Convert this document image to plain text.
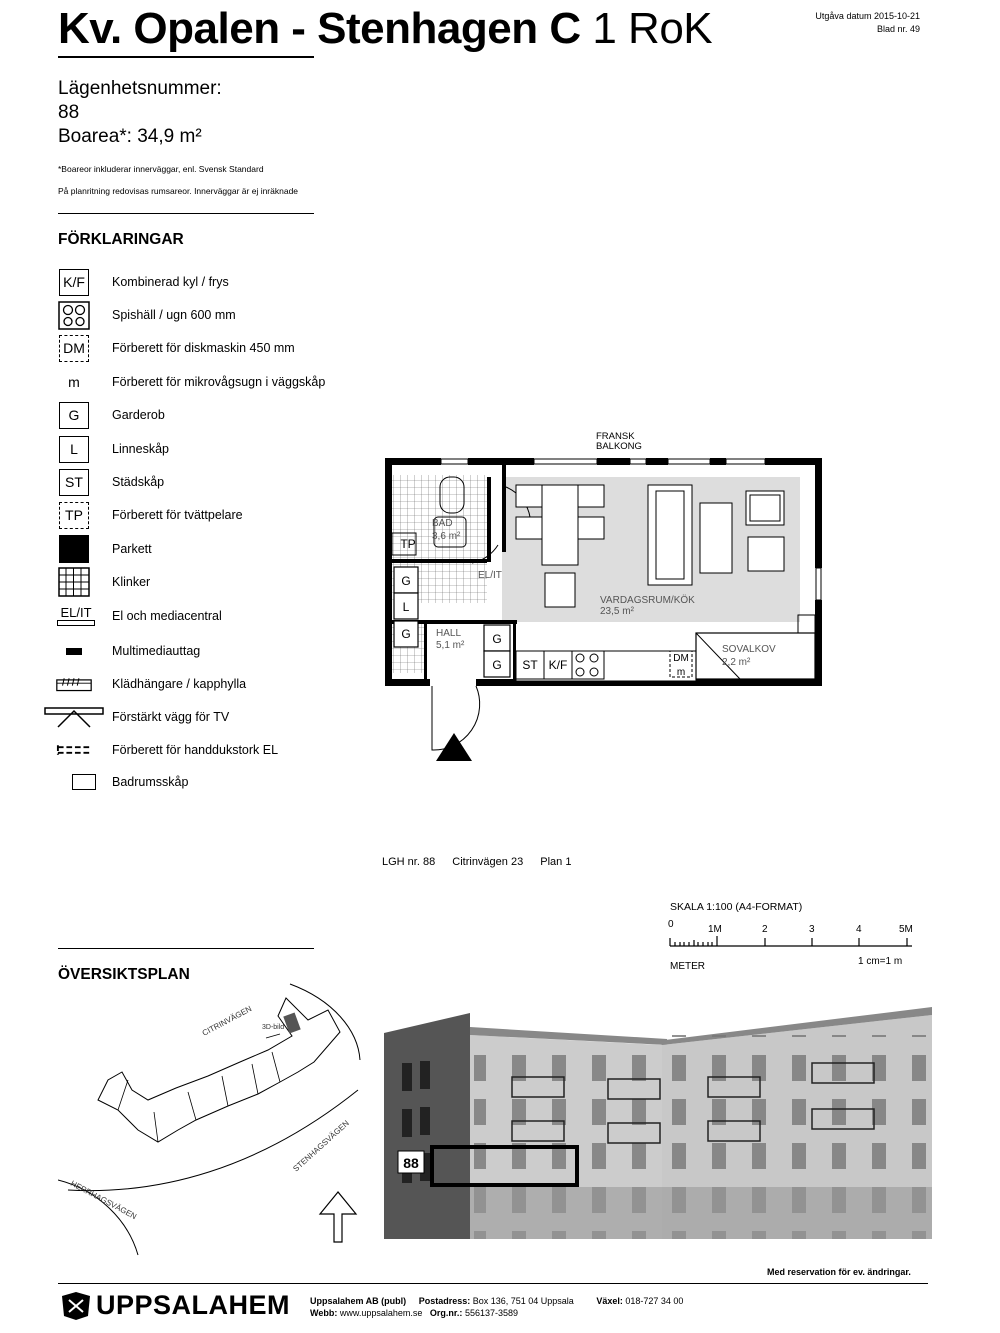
Kv. Opalen - Stenhagen C 1 RoK	Utgåva datum 2015-10-21
Blad nr. 49
Lägenhetsnummer:
88
Boarea*: 34,9 m²
*Boareor inkluderar innerväggar, enl. Svensk Standard
På planritning redovisas rumsareor. Innerväggar är ej inräknade
FÖRKLARINGAR
K/F	Kombinerad kyl / frys
Spishäll / ugn 600 mm
DM	Förberett för diskmaskin 450 mm
m	Förberett för mikrovågsugn i väggskåp
G	Garderob
L	Linneskåp
ST	Städskåp
TP	Förberett för tvättpelare
Parkett
Klinker
EL/IT El och mediacentral
Multimediauttag
Klädhängare / kapphylla
Förstärkt vägg för TV
Förberett för handdukstork EL
Badrumsskåp
FRANSK
BALKONG
BAD
3,6 m²
VARDAGSRUM/KÖK
23,5 m²
HALL
5,1 m²	SOVALKOV
2,2 m²
EL/IT
TP
G
L
G	G
G ST K/F	DM
m
LGH nr. 88 Citrinvägen 23 Plan 1
SKALA 1:100 (A4-FORMAT)
0	1M	2	3	4	5M
METER	1 cm=1 m
ÖVERSIKTSPLAN
3D-bild
CITRINVÄGEN
STENHAGSVÄGEN
HERRHAGSVÄGEN
88
Med reservation för ev. ändringar.
UPPSALAHEM Uppsalahem AB (publ) Postadress: Box 136, 751 04 Uppsala	Växel: 018-727 34 00
Webb: www.uppsalahem.se Org.nr.: 556137-3589
